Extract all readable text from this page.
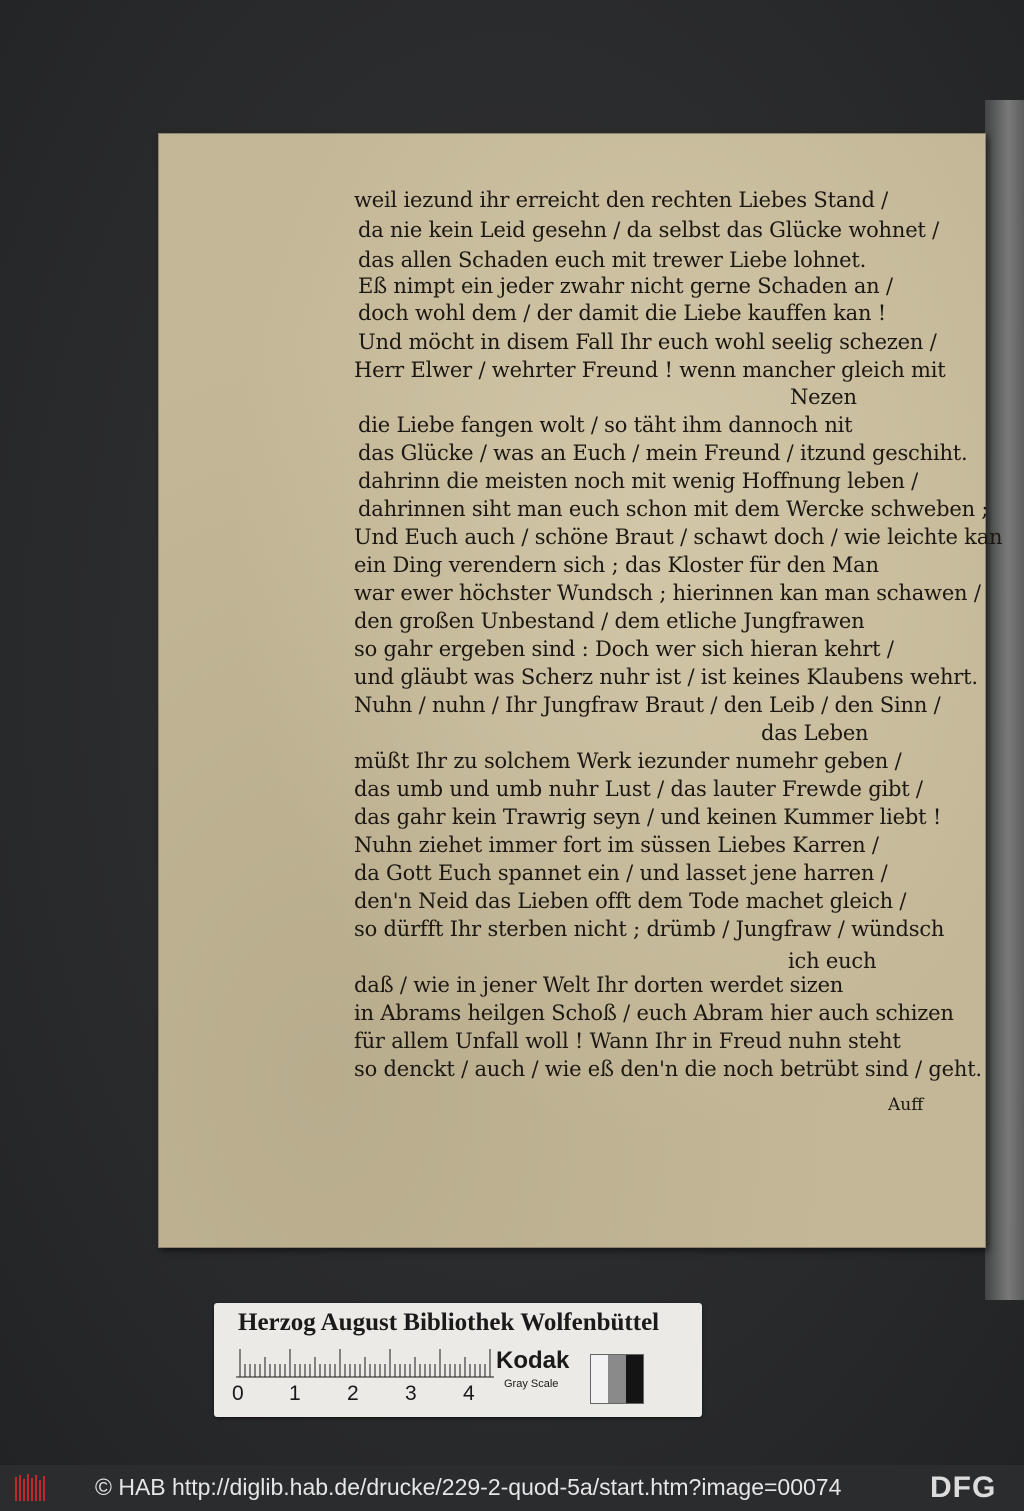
weil iezund ihr erreicht den rechten Liebes Stand /
da nie kein Leid gesehn / da selbst das Glücke wohnet /
das allen Schaden euch mit trewer Liebe lohnet.
Eß nimpt ein jeder zwahr nicht gerne Schaden an /
doch wohl dem / der damit die Liebe kauffen kan !
Und möcht in disem Fall Ihr euch wohl seelig schezen /
Herr Elwer / wehrter Freund ! wenn mancher gleich mit
Nezen
die Liebe fangen wolt / so täht ihm dannoch nit
das Glücke / was an Euch / mein Freund / itzund geschiht.
dahrinn die meisten noch mit wenig Hoffnung leben /
dahrinnen siht man euch schon mit dem Wercke schweben ;
Und Euch auch / schöne Braut / schawt doch / wie leichte kan
ein Ding verendern sich ; das Kloster für den Man
war ewer höchster Wundsch ; hierinnen kan man schawen /
den großen Unbestand / dem etliche Jungfrawen
so gahr ergeben sind : Doch wer sich hieran kehrt /
und gläubt was Scherz nuhr ist / ist keines Klaubens wehrt.
Nuhn / nuhn / Ihr Jungfraw Braut / den Leib / den Sinn /
das Leben
müßt Ihr zu solchem Werk iezunder numehr geben /
das umb und umb nuhr Lust / das lauter Frewde gibt /
das gahr kein Trawrig seyn / und keinen Kummer liebt !
Nuhn ziehet immer fort im süssen Liebes Karren /
da Gott Euch spannet ein / und lasset jene harren /
den'n Neid das Lieben offt dem Tode machet gleich /
so dürfft Ihr sterben nicht ; drümb / Jungfraw / wündsch
ich euch
daß / wie in jener Welt Ihr dorten werdet sizen
in Abrams heilgen Schoß / euch Abram hier auch schizen
für allem Unfall woll ! Wann Ihr in Freud nuhn steht
so denckt / auch / wie eß den'n die noch betrübt sind / geht.
Auff
Herzog August Bibliothek Wolfenbüttel
0 1 2 3 4
Kodak
Gray Scale
© HAB http://diglib.hab.de/drucke/229-2-quod-5a/start.htm?image=00074	DFG
